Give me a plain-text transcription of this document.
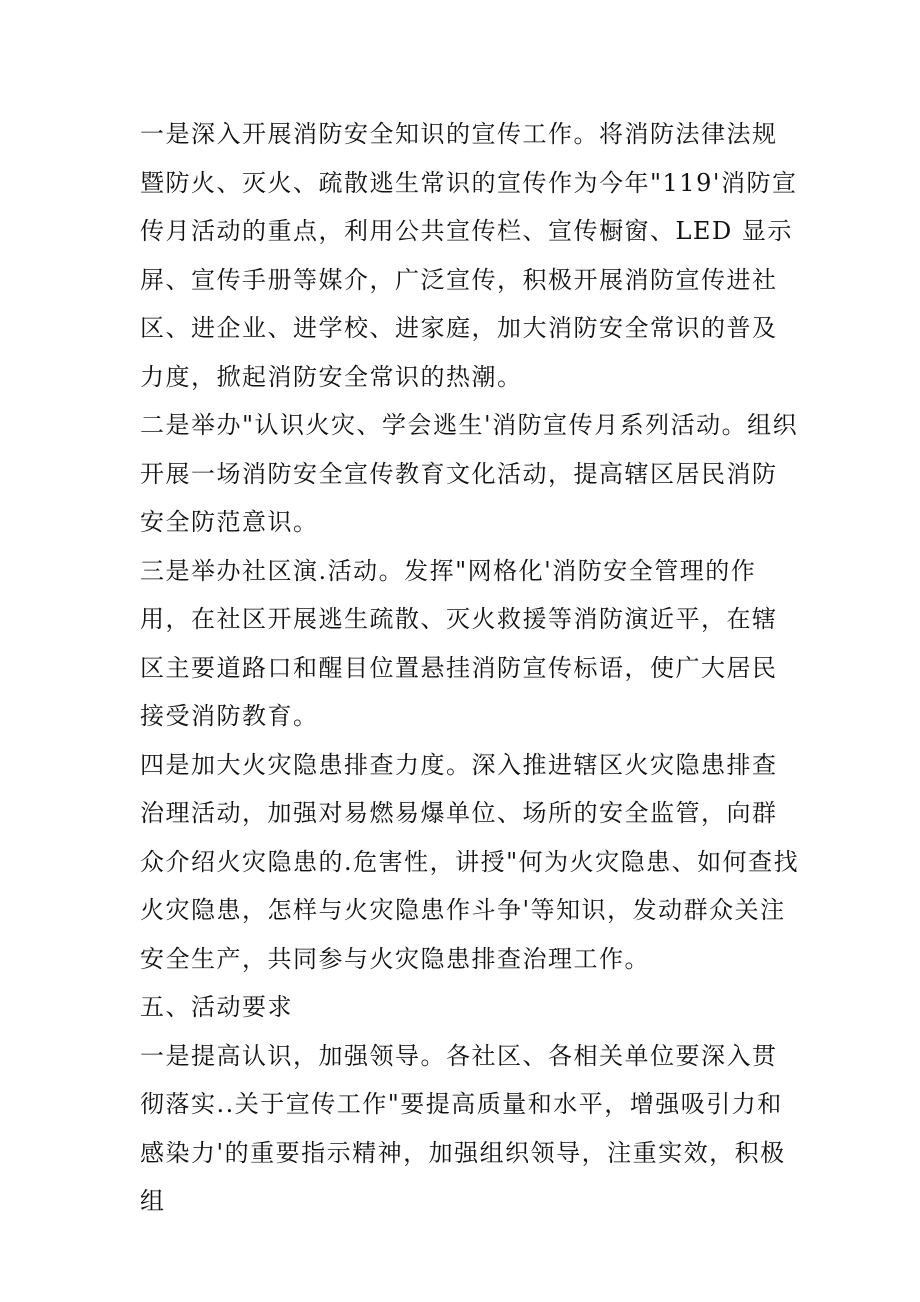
一是深入开展消防安全知识的宣传工作。将消防法律法规暨防火、灭火、疏散逃生常识的宣传作为今年"119'消防宣传月活动的重点，利用公共宣传栏、宣传橱窗、LED 显示屏、宣传手册等媒介，广泛宣传，积极开展消防宣传进社区、进企业、进学校、进家庭，加大消防安全常识的普及力度，掀起消防安全常识的热潮。

二是举办"认识火灾、学会逃生'消防宣传月系列活动。组织开展一场消防安全宣传教育文化活动，提高辖区居民消防安全防范意识。

三是举办社区演.活动。发挥"网格化'消防安全管理的作用，在社区开展逃生疏散、灭火救援等消防演近平，在辖区主要道路口和醒目位置悬挂消防宣传标语，使广大居民接受消防教育。

四是加大火灾隐患排查力度。深入推进辖区火灾隐患排查治理活动，加强对易燃易爆单位、场所的安全监管，向群众介绍火灾隐患的.危害性，讲授"何为火灾隐患、如何查找火灾隐患，怎样与火灾隐患作斗争'等知识，发动群众关注安全生产，共同参与火灾隐患排查治理工作。

五、活动要求

一是提高认识，加强领导。各社区、各相关单位要深入贯彻落实..关于宣传工作"要提高质量和水平，增强吸引力和感染力'的重要指示精神，加强组织领导，注重实效，积极组
